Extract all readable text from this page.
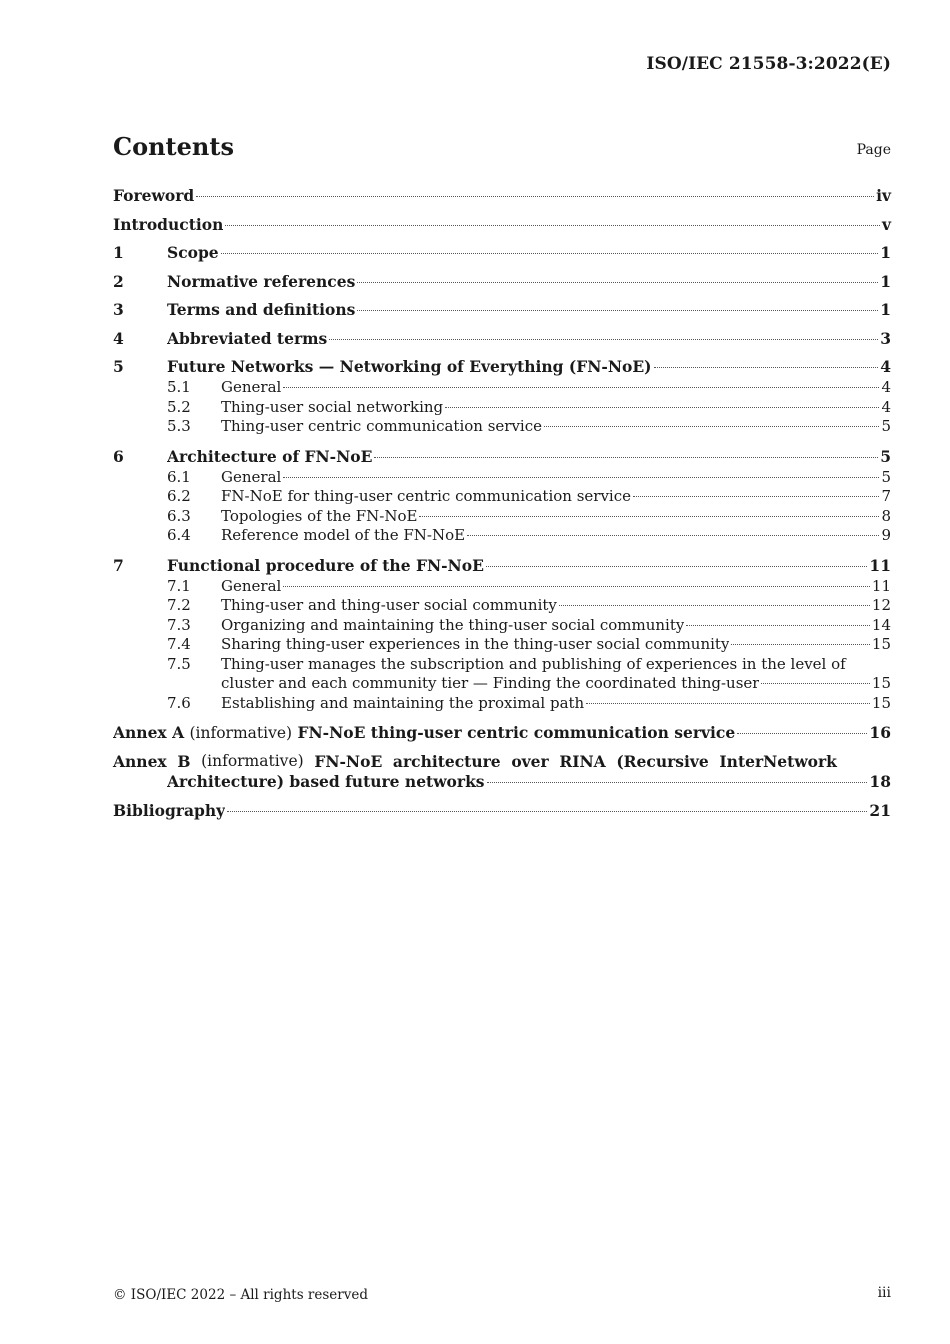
ISO/IEC 21558-3:2022(E)
Contents	Page
Foreword	iv
Introduction	v
1	Scope	1
2	Normative references	1
3	Terms and definitions	1
4	Abbreviated terms	3
5	Future Networks — Networking of Everything (FN-NoE)	4
5.1	General	4
5.2	Thing-user social networking	4
5.3	Thing-user centric communication service	5
6	Architecture of FN-NoE	5
6.1	General	5
6.2	FN-NoE for thing-user centric communication service	7
6.3	Topologies of the FN-NoE	8
6.4	Reference model of the FN-NoE	9
7	Functional procedure of the FN-NoE	11
7.1	General	11
7.2	Thing-user and thing-user social community	12
7.3	Organizing and maintaining the thing-user social community	14
7.4	Sharing thing-user experiences in the thing-user social community	15
7.5	Thing-user manages the subscription and publishing of experiences in the level of
cluster and each community tier — Finding the coordinated thing-user	15
7.6	Establishing and maintaining the proximal path	15
Annex A (informative) FN-NoE thing-user centric communication service	16
Annex B (informative) FN-NoE architecture over RINA (Recursive InterNetwork
Architecture) based future networks	18
Bibliography	21
© ISO/IEC 2022 – All rights reserved	iii
